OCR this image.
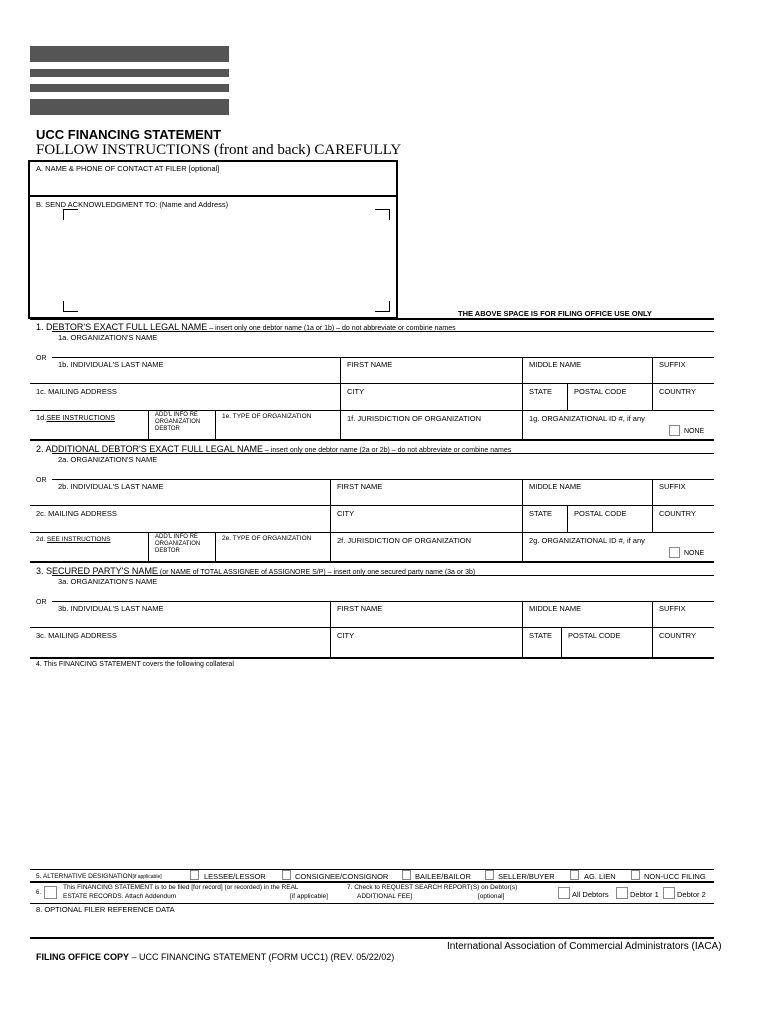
UCC FINANCING STATEMENT
FOLLOW INSTRUCTIONS (front and back) CAREFULLY
A. NAME & PHONE OF CONTACT AT FILER [optional]
B. SEND ACKNOWLEDGMENT TO: (Name and Address)
THE ABOVE SPACE IS FOR FILING OFFICE USE ONLY
1. DEBTOR'S EXACT FULL LEGAL NAME – insert only one debtor name (1a or 1b) – do not abbreviate or combine names
1a. ORGANIZATION'S NAME
OR
1b. INDIVIDUAL'S LAST NAME	FIRST NAME	MIDDLE NAME	SUFFIX
1c. MAILING ADDRESS	CITY	STATE	POSTAL CODE	COUNTRY
1d.SEE INSTRUCTIONS	ADD'L INFO RE
ORGANIZATION
DEBTOR
1e. TYPE OF ORGANIZATION	1f. JURISDICTION OF ORGANIZATION	1g. ORGANIZATIONAL ID #, if any
NONE
2. ADDITIONAL DEBTOR'S EXACT FULL LEGAL NAME – insert only one debtor name (2a or 2b) – do not abbreviate or combine names
2a. ORGANIZATION'S NAME
OR
2b. INDIVIDUAL'S LAST NAME	FIRST NAME	MIDDLE NAME	SUFFIX
2c. MAILING ADDRESS	CITY	STATE	POSTAL CODE	COUNTRY
2d. SEE INSTRUCTIONS	ADD'L INFO RE
ORGANIZATION
DEBTOR
2e. TYPE OF ORGANIZATION	2f. JURISDICTION OF ORGANIZATION	2g. ORGANIZATIONAL ID #, if any
NONE
3. SECURED PARTY'S NAME (or NAME of TOTAL ASSIGNEE of ASSIGNORE S/P) – insert only one secured party name (3a or 3b)
3a. ORGANIZATION'S NAME
OR
3b. INDIVIDUAL'S LAST NAME	FIRST NAME	MIDDLE NAME	SUFFIX
3c. MAILING ADDRESS	CITY	STATE POSTAL CODE	COUNTRY
4. This FINANCING STATEMENT covers the following collateral
5. ALTERNATIVE DESIGNATION[if applicable]	LESSEE/LESSOR	CONSIGNEE/CONSIGNOR	BAILEE/BAILOR	SELLER/BUYER	AG. LIEN	NON-UCC FILING
6.
This FINANCING STATEMENT is to be filed [for record] (or recorded) in the REAL
ESTATE RECORDS. Attach Addendum	[if applicable]
7. Check to REQUEST SEARCH REPORT(S) on Debtor(s)
ADDITIONAL FEE]	[optional]	All Debtors	Debtor 1 Debtor 2
8. OPTIONAL FILER REFERENCE DATA
International Association of Commercial Administrators (IACA)
FILING OFFICE COPY – UCC FINANCING STATEMENT (FORM UCC1) (REV. 05/22/02)
